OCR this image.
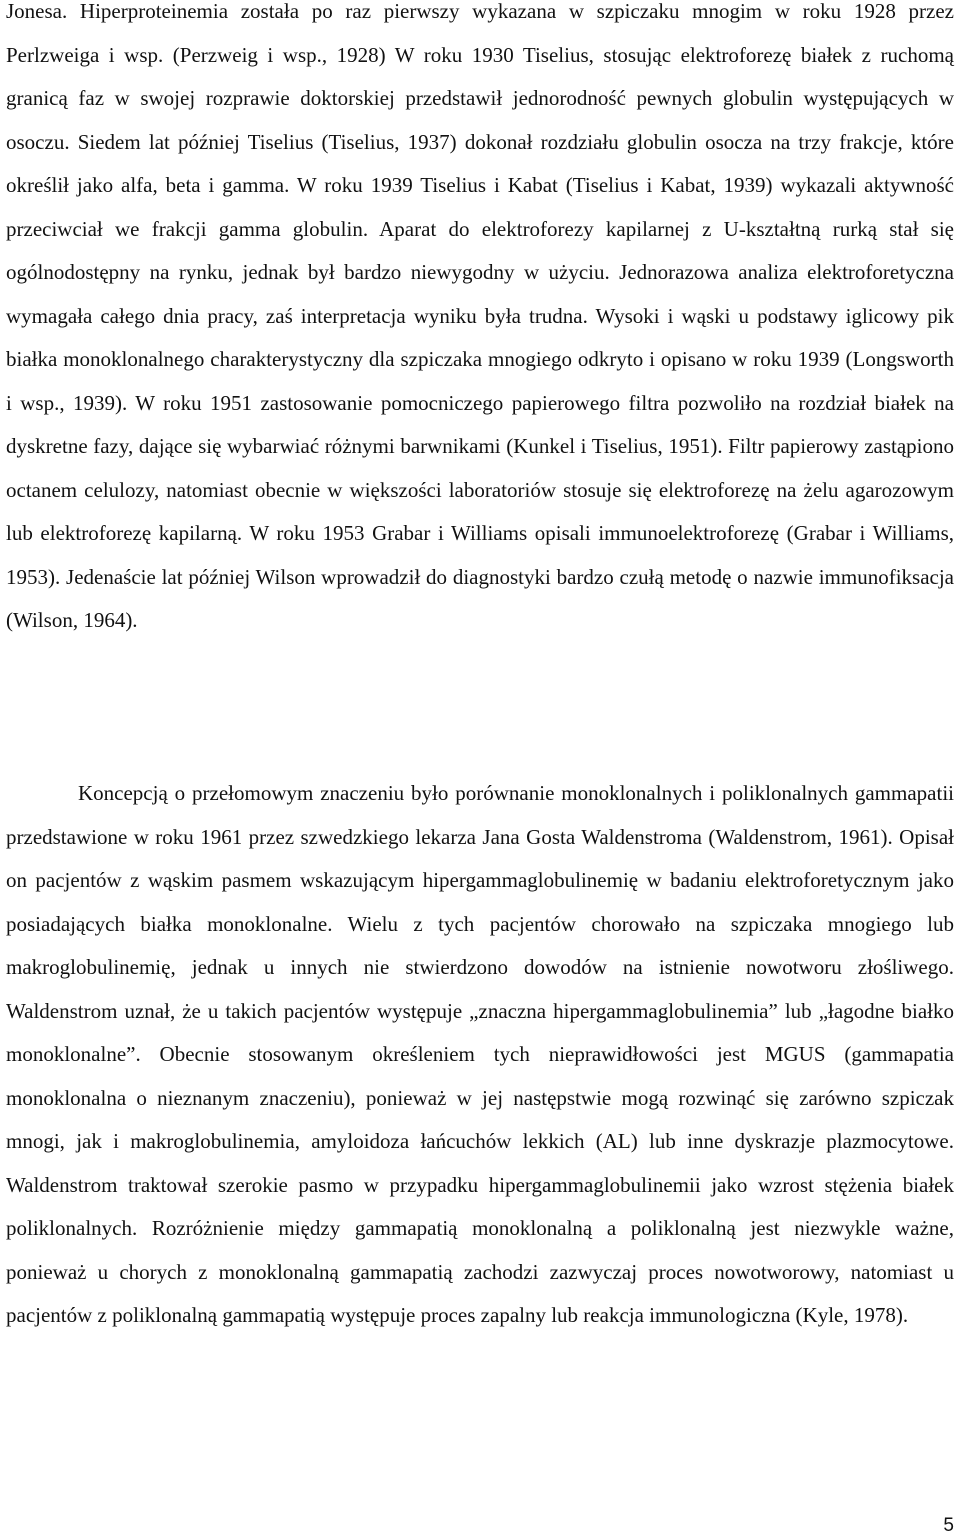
Jonesa. Hiperproteinemia została po raz pierwszy wykazana w szpiczaku mnogim w roku 1928 przez Perlzweiga i wsp. (Perzweig i wsp., 1928) W roku 1930 Tiselius, stosując elektroforezę białek z ruchomą granicą faz w swojej rozprawie doktorskiej przedstawił jednorodność pewnych globulin występujących w osoczu. Siedem lat później Tiselius (Tiselius, 1937) dokonał rozdziału globulin osocza na trzy frakcje, które określił jako alfa, beta i gamma. W roku 1939 Tiselius i Kabat (Tiselius i Kabat, 1939) wykazali aktywność przeciwciał we frakcji gamma globulin. Aparat do elektroforezy kapilarnej z U-kształtną rurką stał się ogólnodostępny na rynku, jednak był bardzo niewygodny w użyciu. Jednorazowa analiza elektroforetyczna wymagała całego dnia pracy, zaś interpretacja wyniku była trudna. Wysoki i wąski u podstawy iglicowy pik białka monoklonalnego charakterystyczny dla szpiczaka mnogiego odkryto i opisano w roku 1939 (Longsworth i wsp., 1939). W roku 1951 zastosowanie pomocniczego papierowego filtra pozwoliło na rozdział białek na dyskretne fazy, dające się wybarwiać różnymi barwnikami (Kunkel i Tiselius, 1951). Filtr papierowy zastąpiono octanem celulozy, natomiast obecnie w większości laboratoriów stosuje się elektroforezę na żelu agarozowym lub elektroforezę kapilarną. W roku 1953 Grabar i Williams opisali immunoelektroforezę (Grabar i Williams, 1953). Jedenaście lat później Wilson wprowadził do diagnostyki bardzo czułą metodę o nazwie immunofiksacja (Wilson, 1964).

Koncepcją o przełomowym znaczeniu było porównanie monoklonalnych i poliklonalnych gammapatii przedstawione w roku 1961 przez szwedzkiego lekarza Jana Gosta Waldenstroma (Waldenstrom, 1961). Opisał on pacjentów z wąskim pasmem wskazującym hipergammaglobulinemię w badaniu elektroforetycznym jako posiadających białka monoklonalne. Wielu z tych pacjentów chorowało na szpiczaka mnogiego lub makroglobulinemię, jednak u innych nie stwierdzono dowodów na istnienie nowotworu złośliwego. Waldenstrom uznał, że u takich pacjentów występuje „znaczna hipergammaglobulinemia” lub „łagodne białko monoklonalne”. Obecnie stosowanym określeniem tych nieprawidłowości jest MGUS (gammapatia monoklonalna o nieznanym znaczeniu), ponieważ w jej następstwie mogą rozwinąć się zarówno szpiczak mnogi, jak i makroglobulinemia, amyloidoza łańcuchów lekkich (AL) lub inne dyskrazje plazmocytowe. Waldenstrom traktował szerokie pasmo w przypadku hipergammaglobulinemii jako wzrost stężenia białek poliklonalnych. Rozróżnienie między gammapatią monoklonalną a poliklonalną jest niezwykle ważne, ponieważ u chorych z monoklonalną gammapatią zachodzi zazwyczaj proces nowotworowy, natomiast u pacjentów z poliklonalną gammapatią występuje proces zapalny lub reakcja immunologiczna (Kyle, 1978).

5
